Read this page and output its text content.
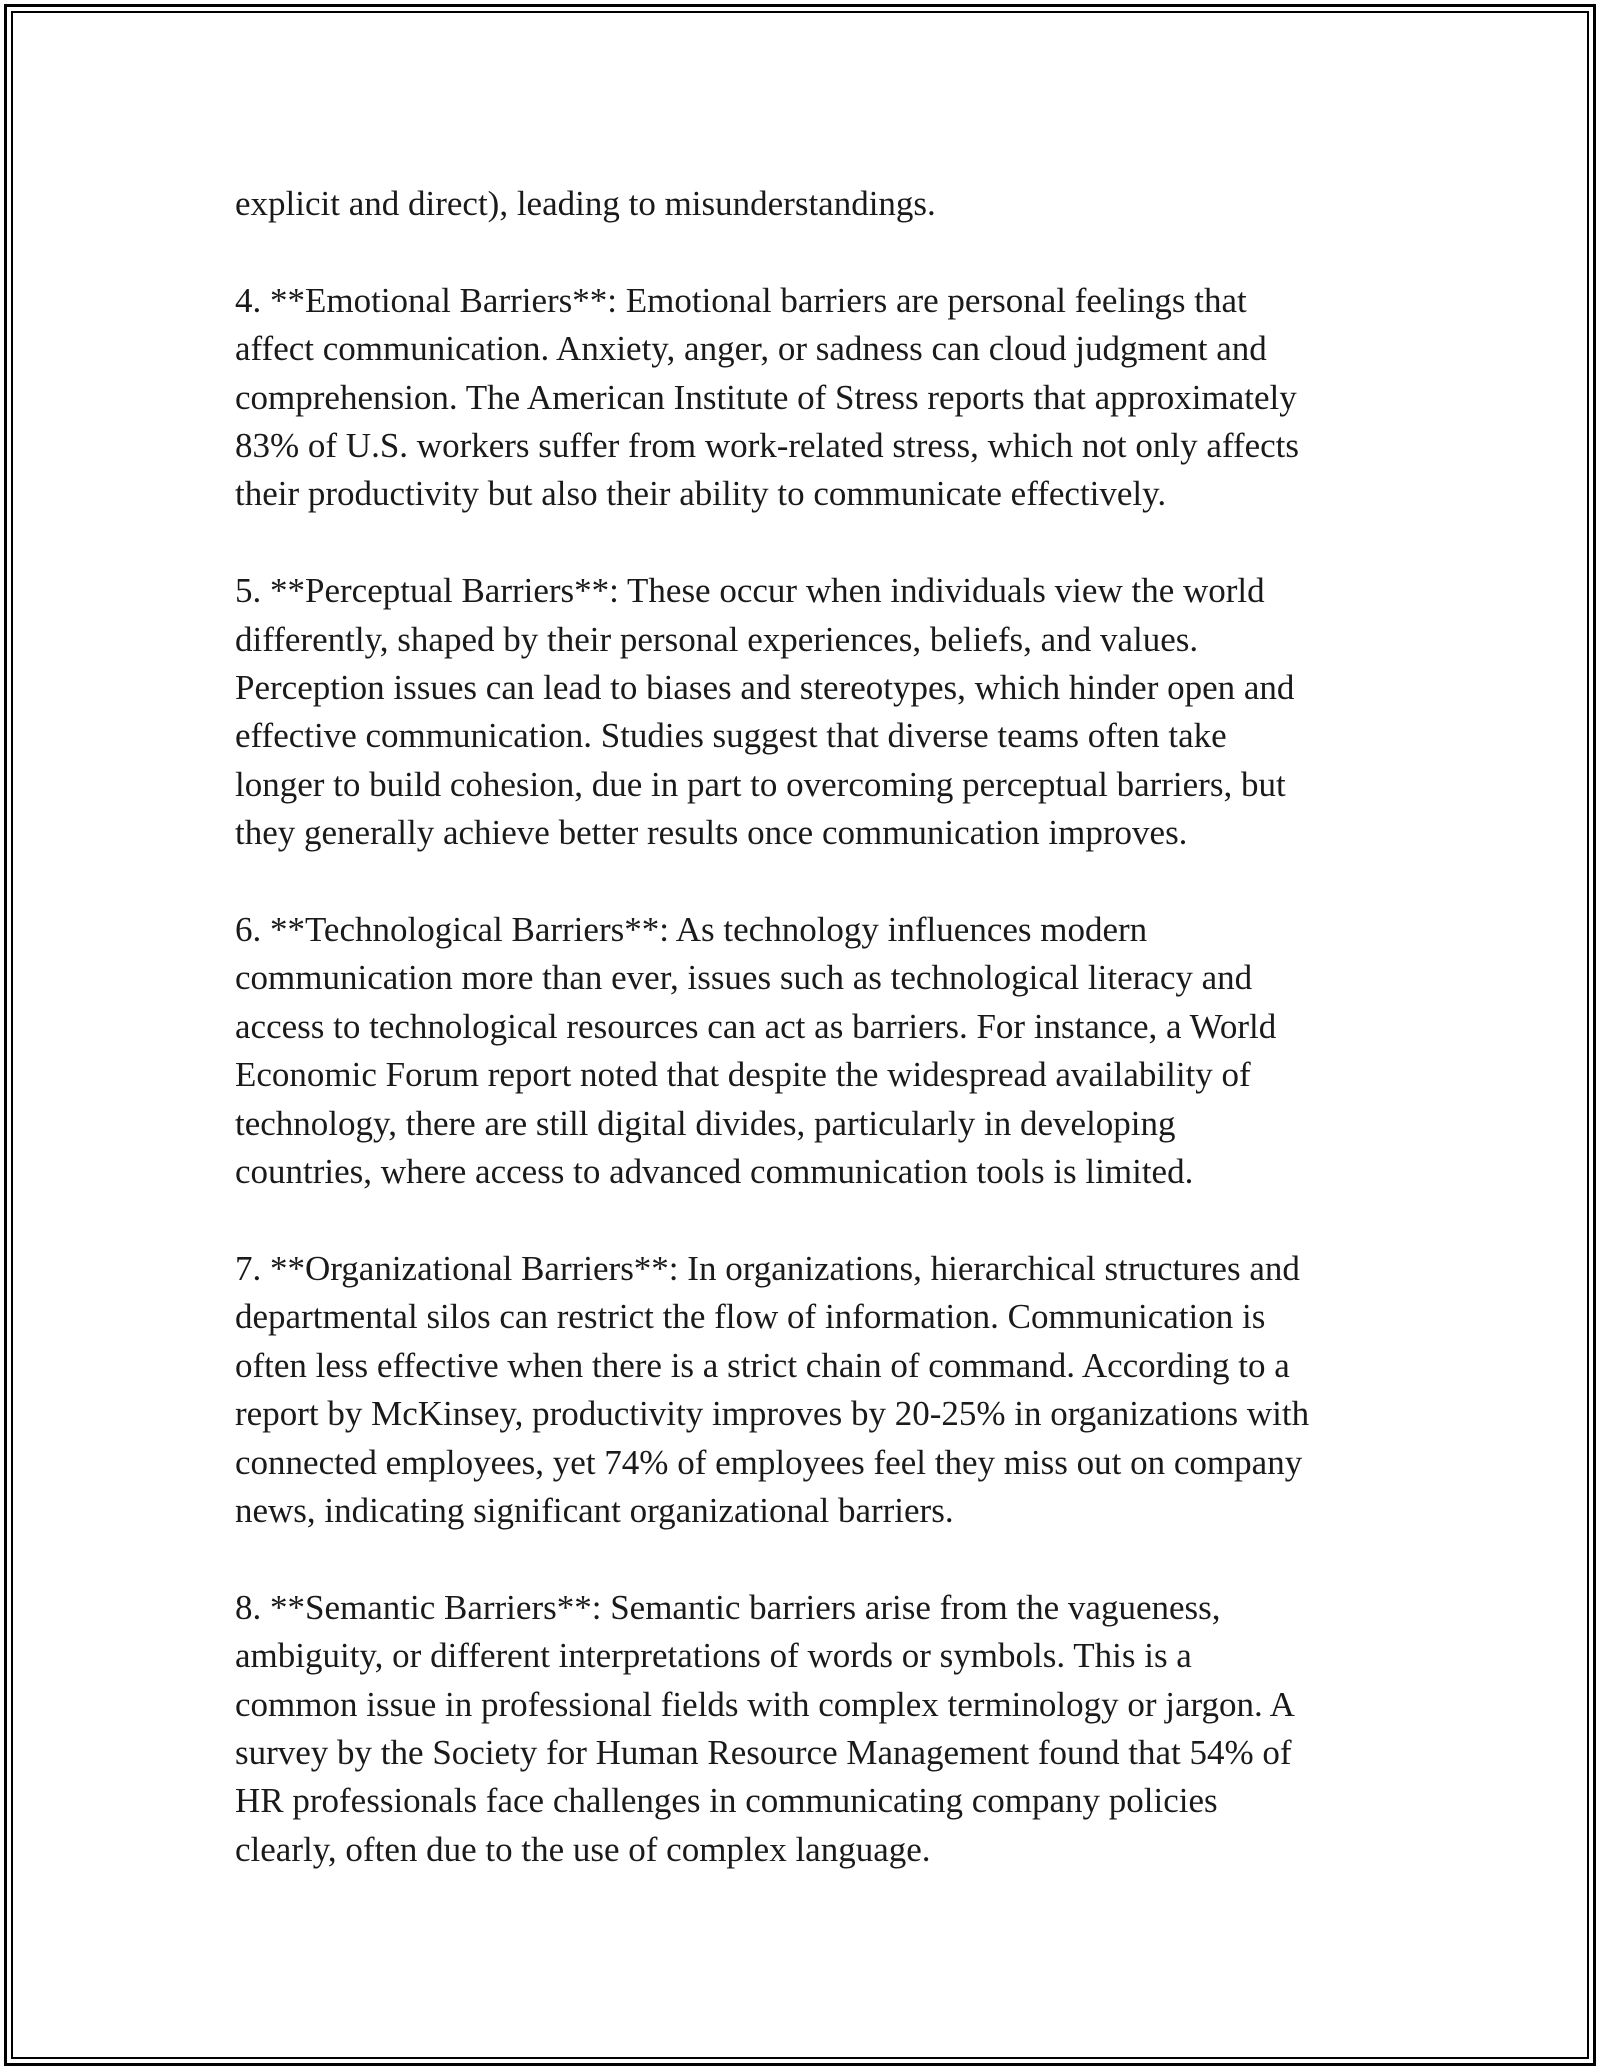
explicit and direct), leading to misunderstandings.

4. **Emotional Barriers**: Emotional barriers are personal feelings that
affect communication. Anxiety, anger, or sadness can cloud judgment and
comprehension. The American Institute of Stress reports that approximately
83% of U.S. workers suffer from work-related stress, which not only affects
their productivity but also their ability to communicate effectively.

5. **Perceptual Barriers**: These occur when individuals view the world
differently, shaped by their personal experiences, beliefs, and values.
Perception issues can lead to biases and stereotypes, which hinder open and
effective communication. Studies suggest that diverse teams often take
longer to build cohesion, due in part to overcoming perceptual barriers, but
they generally achieve better results once communication improves.

6. **Technological Barriers**: As technology influences modern
communication more than ever, issues such as technological literacy and
access to technological resources can act as barriers. For instance, a World
Economic Forum report noted that despite the widespread availability of
technology, there are still digital divides, particularly in developing
countries, where access to advanced communication tools is limited.

7. **Organizational Barriers**: In organizations, hierarchical structures and
departmental silos can restrict the flow of information. Communication is
often less effective when there is a strict chain of command. According to a
report by McKinsey, productivity improves by 20-25% in organizations with
connected employees, yet 74% of employees feel they miss out on company
news, indicating significant organizational barriers.

8. **Semantic Barriers**: Semantic barriers arise from the vagueness,
ambiguity, or different interpretations of words or symbols. This is a
common issue in professional fields with complex terminology or jargon. A
survey by the Society for Human Resource Management found that 54% of
HR professionals face challenges in communicating company policies
clearly, often due to the use of complex language.
